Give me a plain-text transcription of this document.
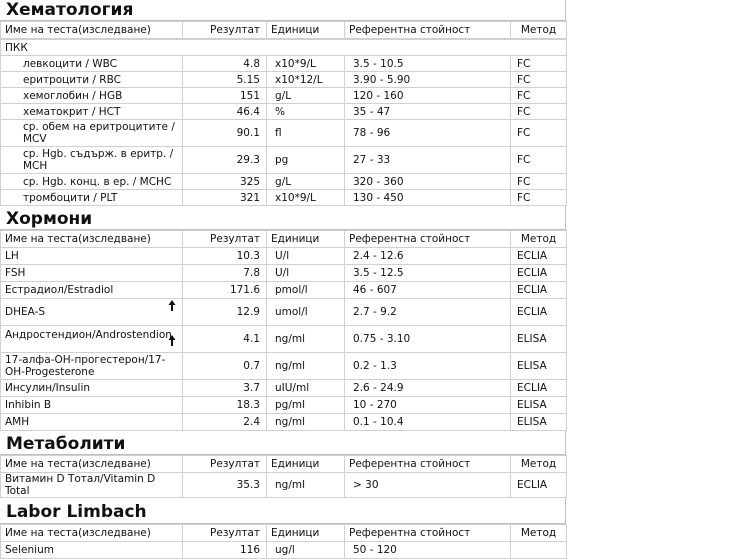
Хематология
Име на теста(изследване)	Резултат	Единици	Референтна стойност	Метод
ПКК				
левкоцити / WBC	4.8	x10*9/L	3.5 - 10.5	FC
еритроцити / RBC	5.15	x10*12/L	3.90 - 5.90	FC
хемоглобин / HGB	151	g/L	120 - 160	FC
хематокрит / HCT	46.4	%	35 - 47	FC
ср. обем на еритроцитите / MCV	90.1	fl	78 - 96	FC
ср. Hgb. съдърж. в еритр. / MCH	29.3	pg	27 - 33	FC
ср. Hgb. конц. в ер. / MCHC	325	g/L	320 - 360	FC
тромбоцити / PLT	321	x10*9/L	130 - 450	FC
Хормони
Име на теста(изследване)	Резултат	Единици	Референтна стойност	Метод
LH	10.3	U/l	2.4 - 12.6	ECLIA
FSH	7.8	U/l	3.5 - 12.5	ECLIA
Естрадиол/Estradiol	171.6	pmol/l	46 - 607	ECLIA
DHEA-S	12.9	umol/l	2.7 - 9.2	ECLIA
Андростендион/Androstendion	4.1	ng/ml	0.75 - 3.10	ELISA
17-алфа-OH-прогестерон/17-OH-Progesterone	0.7	ng/ml	0.2 - 1.3	ELISA
Инсулин/Insulin	3.7	uIU/ml	2.6 - 24.9	ECLIA
Inhibin B	18.3	pg/ml	10 - 270	ELISA
AMH	2.4	ng/ml	0.1 - 10.4	ELISA
Метаболити
Име на теста(изследване)	Резултат	Единици	Референтна стойност	Метод
Витамин D Тотал/Vitamin D Total	35.3	ng/ml	> 30	ECLIA
Labor Limbach
Име на теста(изследване)	Резултат	Единици	Референтна стойност	Метод
Selenium	116	ug/l	50 - 120	
